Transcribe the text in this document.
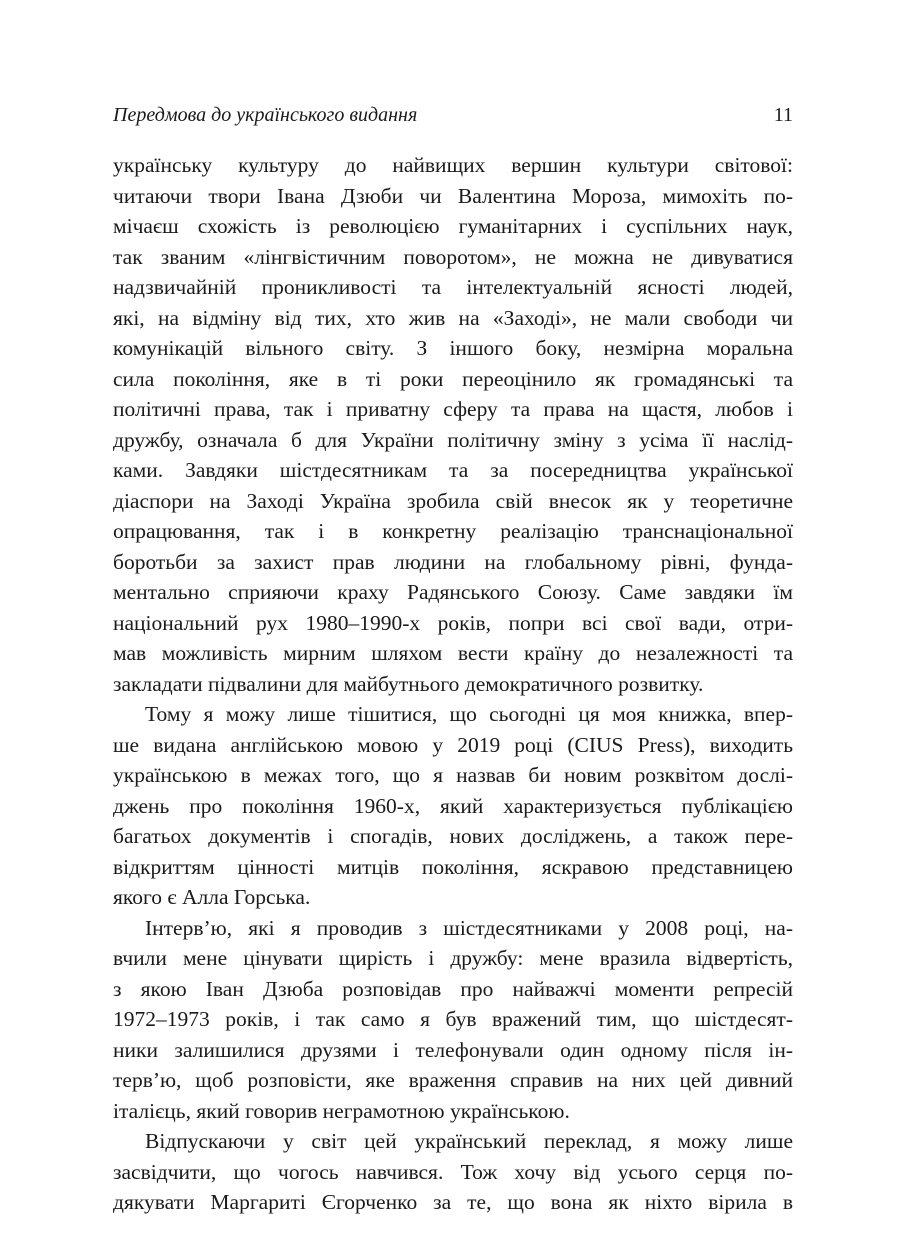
Передмова до українського видання	11
українську культуру до найвищих вершин культури світової:
читаючи твори Івана Дзюби чи Валентина Мороза, мимохіть по-
мічаєш схожість із революцією гуманітарних і суспільних наук,
так званим «лінгвістичним поворотом», не можна не дивуватися
надзвичайній проникливості та інтелектуальній ясності людей,
які, на відміну від тих, хто жив на «Заході», не мали свободи чи
комунікацій вільного світу. З іншого боку, незмірна моральна
сила покоління, яке в ті роки переоцінило як громадянські та
політичні права, так і приватну сферу та права на щастя, любов і
дружбу, означала б для України політичну зміну з усіма її наслід-
ками. Завдяки шістдесятникам та за посередництва української
діаспори на Заході Україна зробила свій внесок як у теоретичне
опрацювання, так і в конкретну реалізацію транснаціональної
боротьби за захист прав людини на глобальному рівні, фунда-
ментально сприяючи краху Радянського Союзу. Саме завдяки їм
національний рух 1980–1990-х років, попри всі свої вади, отри-
мав можливість мирним шляхом вести країну до незалежності та
закладати підвалини для майбутнього демократичного розвитку.
Тому я можу лише тішитися, що сьогодні ця моя книжка, впер-
ше видана англійською мовою у 2019 році (CIUS Press), виходить
українською в межах того, що я назвав би новим розквітом дослі-
джень про покоління 1960-х, який характеризується публікацією
багатьох документів і спогадів, нових досліджень, а також пере-
відкриттям цінності митців покоління, яскравою представницею
якого є Алла Горська.
Інтерв’ю, які я проводив з шістдесятниками у 2008 році, на-
вчили мене цінувати щирість і дружбу: мене вразила відвертість,
з якою Іван Дзюба розповідав про найважчі моменти репресій
1972–1973 років, і так само я був вражений тим, що шістдесят-
ники залишилися друзями і телефонували один одному після ін-
терв’ю, щоб розповісти, яке враження справив на них цей дивний
італієць, який говорив неграмотною українською.
Відпускаючи у світ цей український переклад, я можу лише
засвідчити, що чогось навчився. Тож хочу від усього серця по-
дякувати Маргариті Єгорченко за те, що вона як ніхто вірила в
